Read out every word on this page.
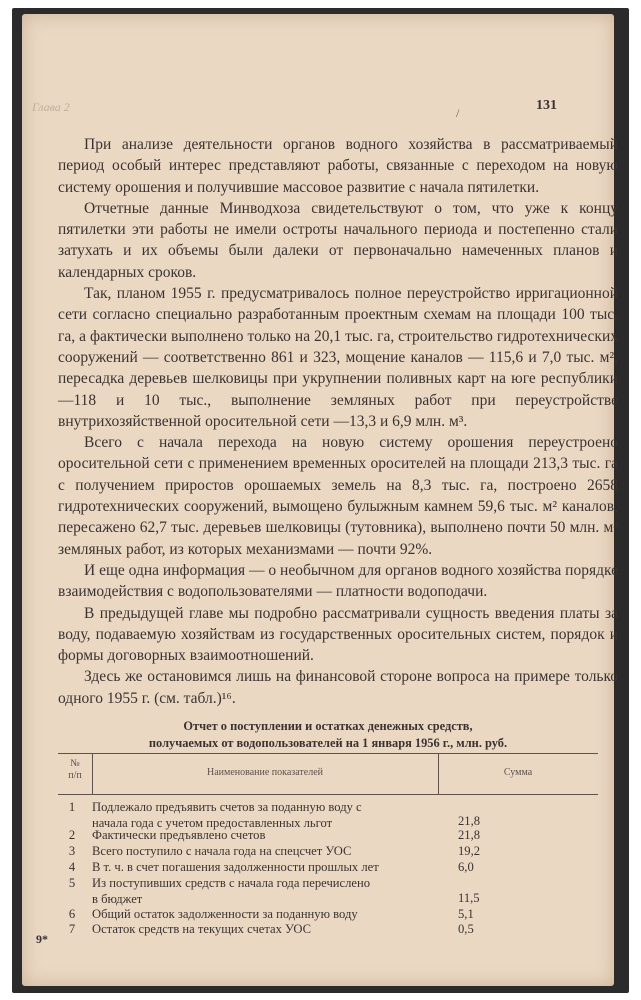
Глава 2	/	131

При анализе деятельности органов водного хозяйства в рассматриваемый период особый интерес представляют работы, связанные с переходом на новую систему орошения и получившие массовое развитие с начала пятилетки.

Отчетные данные Минводхоза свидетельствуют о том, что уже к концу пятилетки эти работы не имели остроты начального периода и постепенно стали затухать и их объемы были далеки от первоначально намеченных планов и календарных сроков.

Так, планом 1955 г. предусматривалось полное переустройство ирригационной сети согласно специально разработанным проектным схемам на площади 100 тыс. га, а фактически выполнено только на 20,1 тыс. га, строительство гидротехнических сооружений — соответственно 861 и 323, мощение каналов — 115,6 и 7,0 тыс. м², пересадка деревьев шелковицы при укрупнении поливных карт на юге республики —118 и 10 тыс., выполнение земляных работ при переустройстве внутрихозяйственной оросительной сети —13,3 и 6,9 млн. м³.

Всего с начала перехода на новую систему орошения переустроено оросительной сети с применением временных оросителей на площади 213,3 тыс. га с получением приростов орошаемых земель на 8,3 тыс. га, построено 2658 гидротехнических сооружений, вымощено булыжным камнем 59,6 тыс. м² каналов, пересажено 62,7 тыс. деревьев шелковицы (тутовника), выполнено почти 50 млн. м³ земляных работ, из которых механизмами — почти 92%.

И еще одна информация — о необычном для органов водного хозяйства порядке взаимодействия с водопользователями — платности водоподачи.

В предыдущей главе мы подробно рассматривали сущность введения платы за воду, подаваемую хозяйствам из государственных оросительных систем, порядок и формы договорных взаимоотношений.

Здесь же остановимся лишь на финансовой стороне вопроса на примере только одного 1955 г. (см. табл.)¹⁶.

Отчет о поступлении и остатках денежных средств,
получаемых от водопользователей на 1 января 1956 г., млн. руб.
№
п/п	Наименование показателей	Сумма
1	Подлежало предъявить счетов за поданную воду с
начала года с учетом предоставленных льгот	21,8
2	Фактически предъявлено счетов	21,8
3	Всего поступило с начала года на спецсчет УОС	19,2
4	В т. ч. в счет погашения задолженности прошлых лет	6,0
5	Из поступивших средств с начала года перечислено
в бюджет	11,5
6	Общий остаток задолженности за поданную воду	5,1
7	Остаток средств на текущих счетах УОС	0,5
9*
